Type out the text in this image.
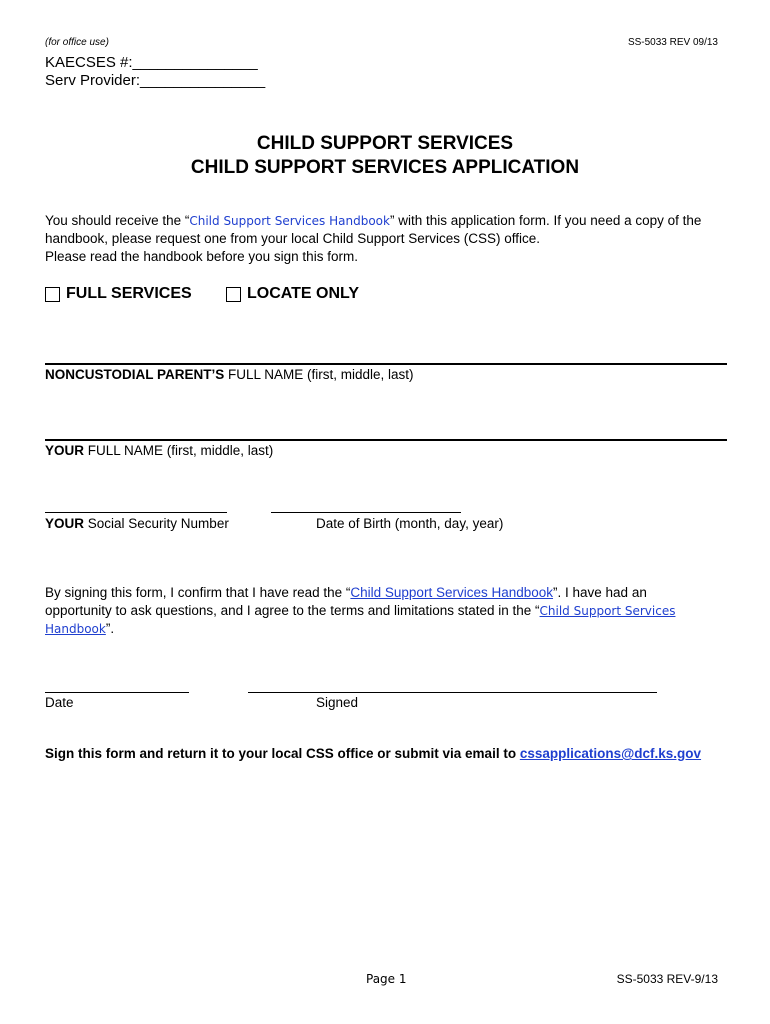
(for office use)	SS-5033 REV 09/13
KAECSES #:_______________
Serv Provider:_______________
CHILD SUPPORT SERVICES
CHILD SUPPORT SERVICES APPLICATION
You should receive the “Child Support Services Handbook” with this application form. If you need a copy of the handbook, please request one from your local Child Support Services (CSS) office.
Please read the handbook before you sign this form.
FULL SERVICES	LOCATE ONLY
NONCUSTODIAL PARENT’S FULL NAME (first, middle, last)
YOUR FULL NAME (first, middle, last)
YOUR Social Security Number	Date of Birth (month, day, year)
By signing this form, I confirm that I have read the “Child Support Services Handbook”. I have had an opportunity to ask questions, and I agree to the terms and limitations stated in the “Child Support Services Handbook”.
Date	Signed
Sign this form and return it to your local CSS office or submit via email to cssapplications@dcf.ks.gov
Page 1	SS-5033 REV-9/13
